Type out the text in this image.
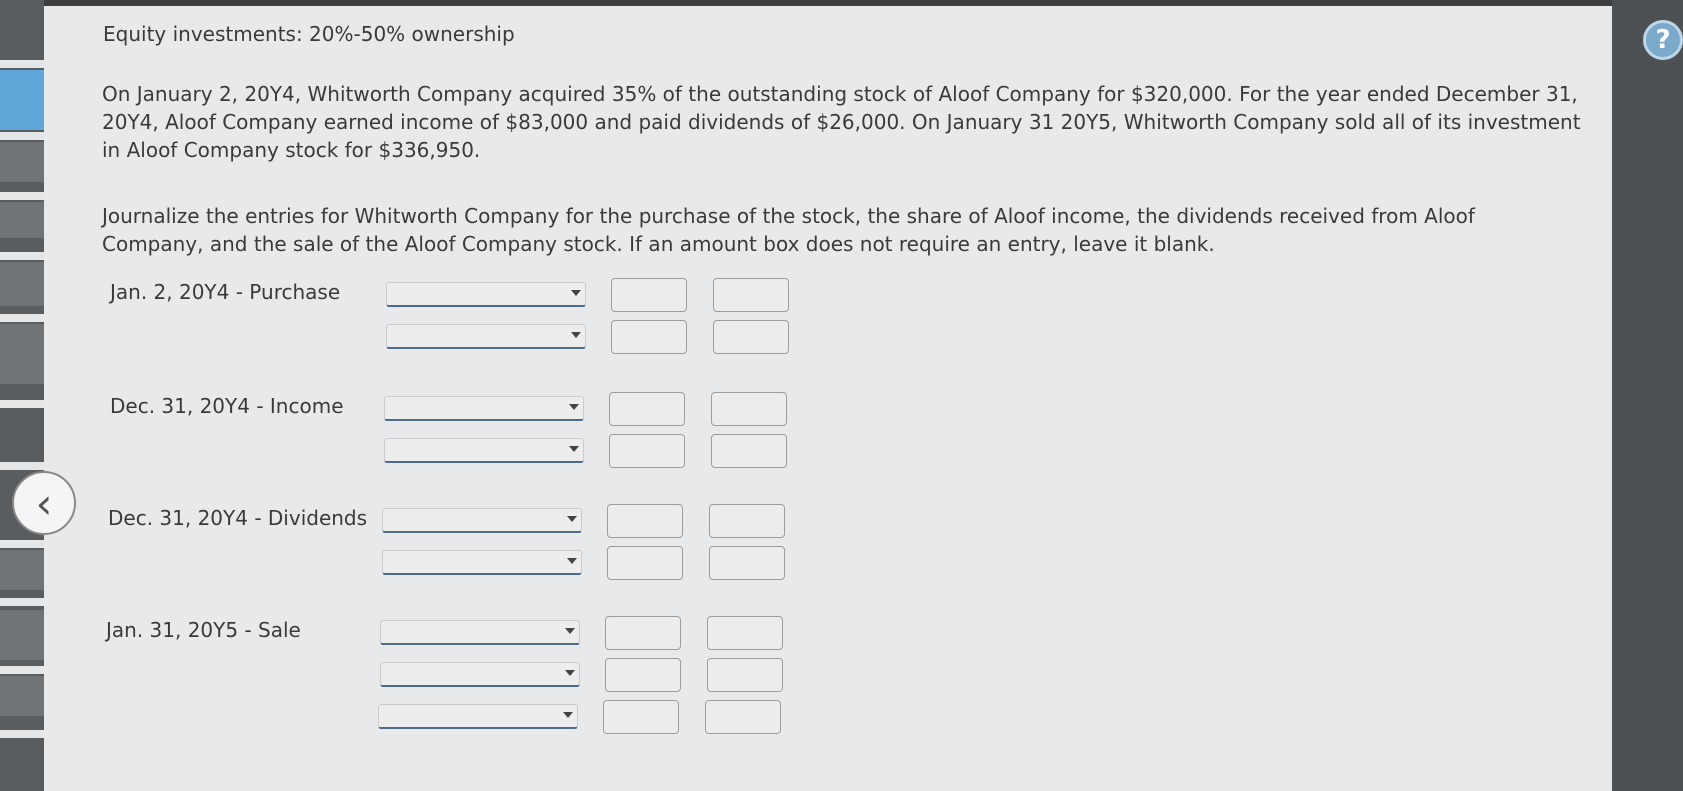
‹
?
Equity investments: 20%-50% ownership

On January 2, 20Y4, Whitworth Company acquired 35% of the outstanding stock of Aloof Company for $320,000. For the year ended December 31, 20Y4, Aloof Company earned income of $83,000 and paid dividends of $26,000. On January 31 20Y5, Whitworth Company sold all of its investment in Aloof Company stock for $336,950.

Journalize the entries for Whitworth Company for the purchase of the stock, the share of Aloof income, the dividends received from Aloof Company, and the sale of the Aloof Company stock. If an amount box does not require an entry, leave it blank.

Jan. 2, 20Y4 - Purchase
Dec. 31, 20Y4 - Income
Dec. 31, 20Y4 - Dividends
Jan. 31, 20Y5 - Sale
